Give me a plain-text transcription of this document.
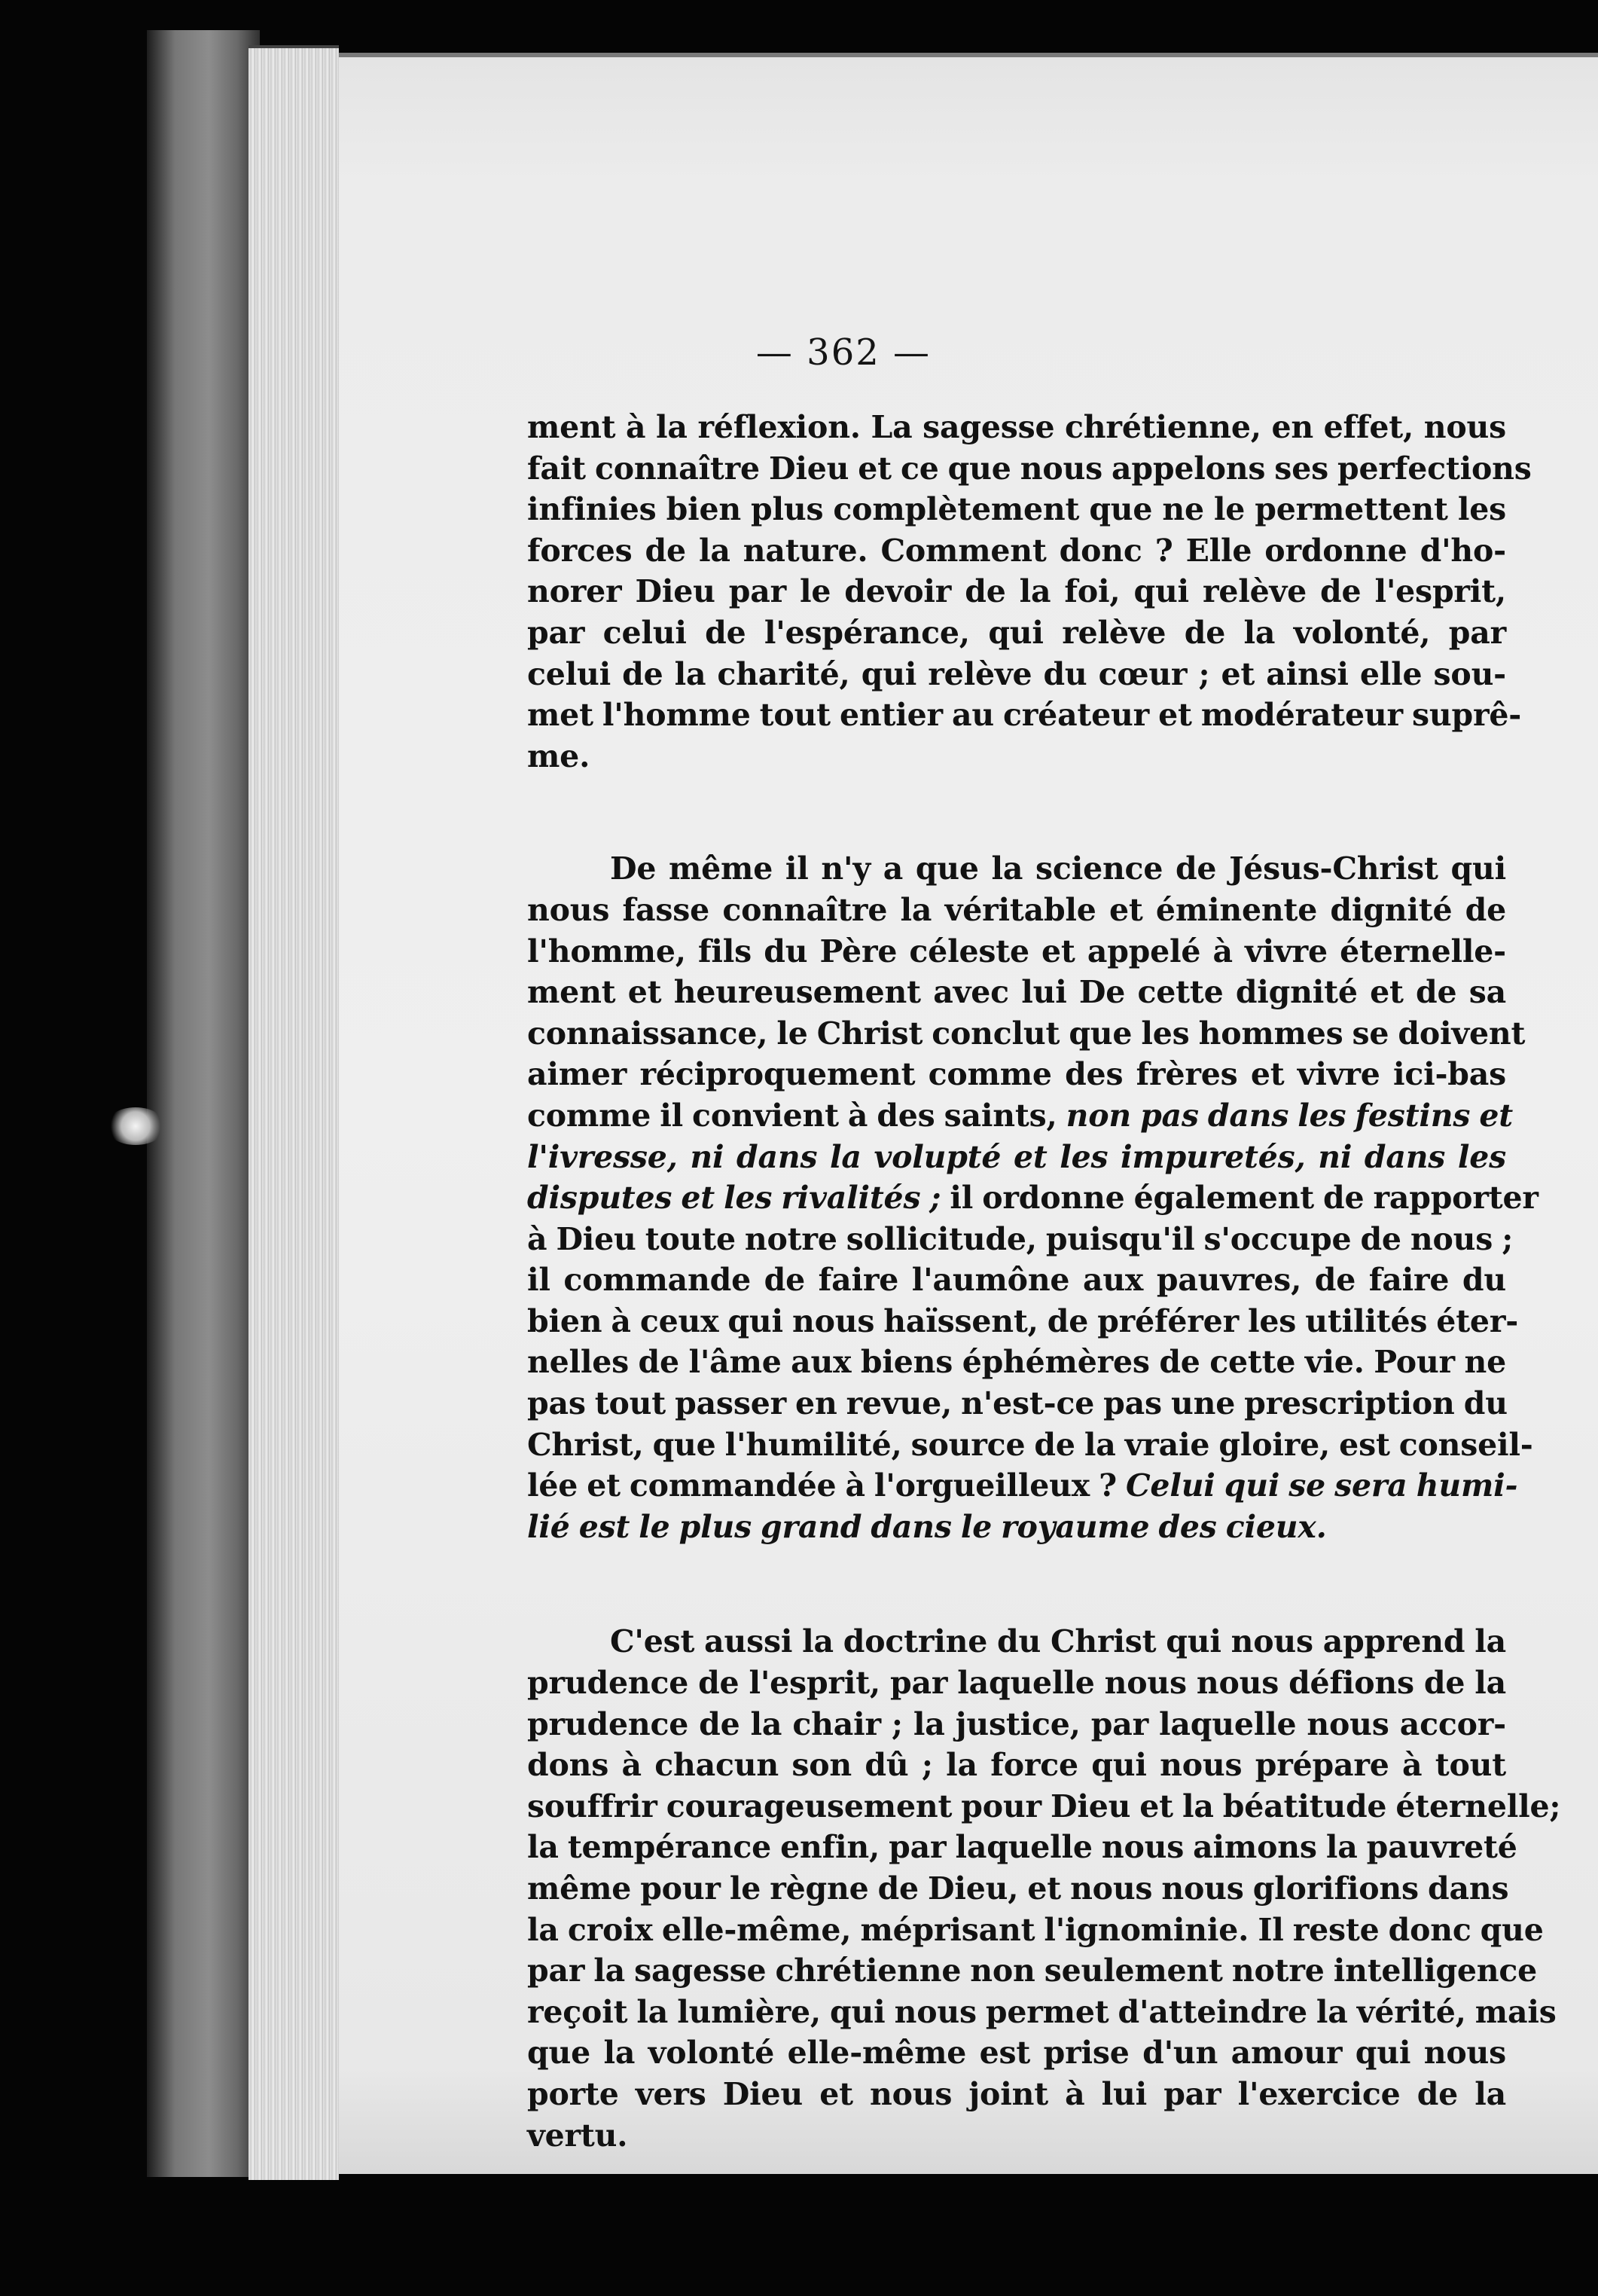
— 362 —
ment à la réflexion. La sagesse chrétienne, en effet, nous
fait connaître Dieu et ce que nous appelons ses perfections
infinies bien plus complètement que ne le permettent les
forces de la nature. Comment donc ? Elle ordonne d'ho-
norer Dieu par le devoir de la foi, qui relève de l'esprit,
par celui de l'espérance, qui relève de la volonté, par
celui de la charité, qui relève du cœur ; et ainsi elle sou-
met l'homme tout entier au créateur et modérateur suprê-
me.
De même il n'y a que la science de Jésus-Christ qui
nous fasse connaître la véritable et éminente dignité de
l'homme, fils du Père céleste et appelé à vivre éternelle-
ment et heureusement avec lui De cette dignité et de sa
connaissance, le Christ conclut que les hommes se doivent
aimer réciproquement comme des frères et vivre ici-bas
comme il convient à des saints, non pas dans les festins et
l'ivresse, ni dans la volupté et les impuretés, ni dans les
disputes et les rivalités ; il ordonne également de rapporter
à Dieu toute notre sollicitude, puisqu'il s'occupe de nous ;
il commande de faire l'aumône aux pauvres, de faire du
bien à ceux qui nous haïssent, de préférer les utilités éter-
nelles de l'âme aux biens éphémères de cette vie. Pour ne
pas tout passer en revue, n'est-ce pas une prescription du
Christ, que l'humilité, source de la vraie gloire, est conseil-
lée et commandée à l'orgueilleux ? Celui qui se sera humi-
lié est le plus grand dans le royaume des cieux.
C'est aussi la doctrine du Christ qui nous apprend la
prudence de l'esprit, par laquelle nous nous défions de la
prudence de la chair ; la justice, par laquelle nous accor-
dons à chacun son dû ; la force qui nous prépare à tout
souffrir courageusement pour Dieu et la béatitude éternelle;
la tempérance enfin, par laquelle nous aimons la pauvreté
même pour le règne de Dieu, et nous nous glorifions dans
la croix elle-même, méprisant l'ignominie. Il reste donc que
par la sagesse chrétienne non seulement notre intelligence
reçoit la lumière, qui nous permet d'atteindre la vérité, mais
que la volonté elle-même est prise d'un amour qui nous
porte vers Dieu et nous joint à lui par l'exercice de la
vertu.
